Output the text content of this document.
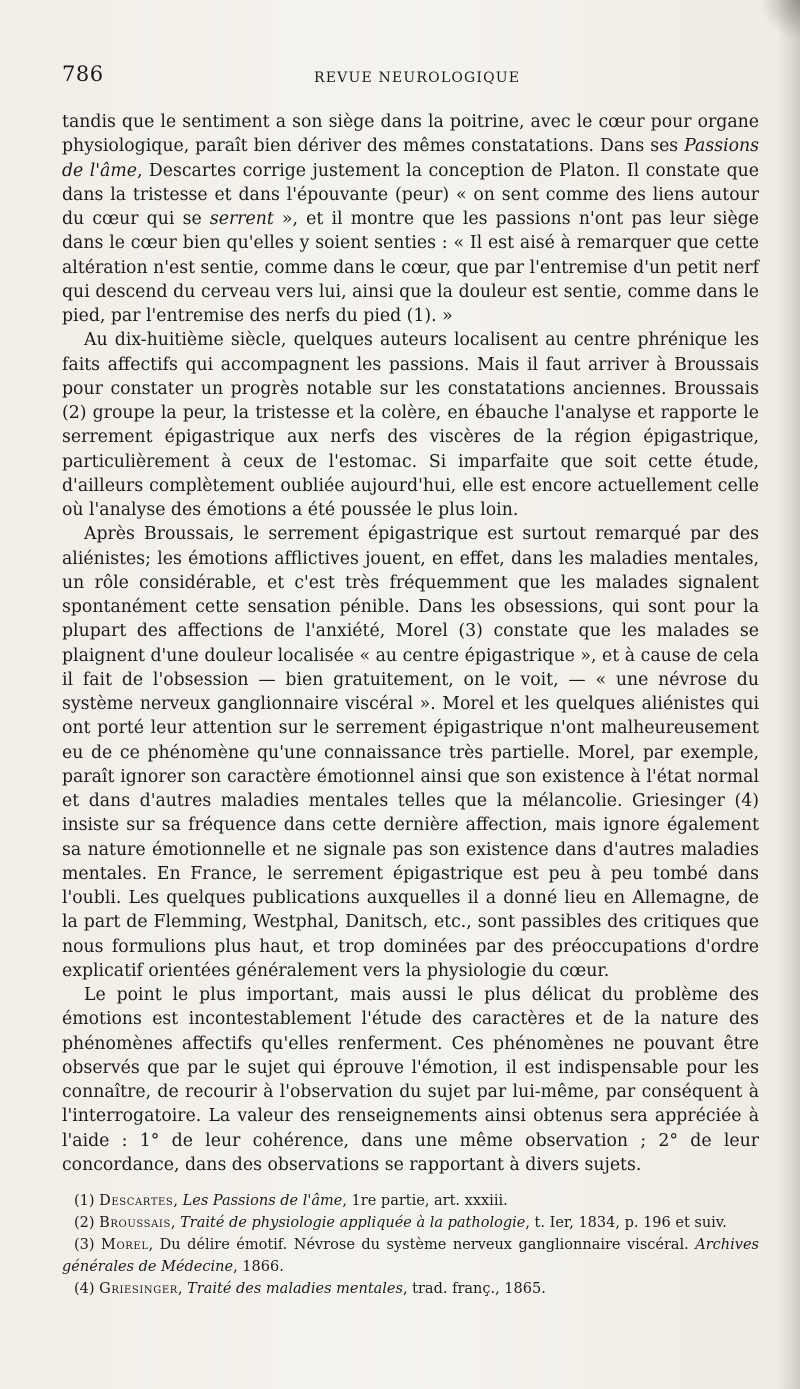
786	REVUE NEUROLOGIQUE

tandis que le sentiment a son siège dans la poitrine, avec le cœur pour organe physiologique, paraît bien dériver des mêmes constatations. Dans ses Passions de l'âme, Descartes corrige justement la conception de Platon. Il constate que dans la tristesse et dans l'épouvante (peur) « on sent comme des liens autour du cœur qui se serrent », et il montre que les passions n'ont pas leur siège dans le cœur bien qu'elles y soient senties : « Il est aisé à remarquer que cette altération n'est sentie, comme dans le cœur, que par l'entremise d'un petit nerf qui descend du cerveau vers lui, ainsi que la douleur est sentie, comme dans le pied, par l'entremise des nerfs du pied (1). »

Au dix-huitième siècle, quelques auteurs localisent au centre phrénique les faits affectifs qui accompagnent les passions. Mais il faut arriver à Broussais pour constater un progrès notable sur les constatations anciennes. Broussais (2) groupe la peur, la tristesse et la colère, en ébauche l'analyse et rapporte le serrement épigastrique aux nerfs des viscères de la région épigastrique, particulièrement à ceux de l'estomac. Si imparfaite que soit cette étude, d'ailleurs complètement oubliée aujourd'hui, elle est encore actuellement celle où l'analyse des émotions a été poussée le plus loin.

Après Broussais, le serrement épigastrique est surtout remarqué par des aliénistes; les émotions afflictives jouent, en effet, dans les maladies mentales, un rôle considérable, et c'est très fréquemment que les malades signalent spontanément cette sensation pénible. Dans les obsessions, qui sont pour la plupart des affections de l'anxiété, Morel (3) constate que les malades se plaignent d'une douleur localisée « au centre épigastrique », et à cause de cela il fait de l'obsession — bien gratuitement, on le voit, — « une névrose du système nerveux ganglionnaire viscéral ». Morel et les quelques aliénistes qui ont porté leur attention sur le serrement épigastrique n'ont malheureusement eu de ce phénomène qu'une connaissance très partielle. Morel, par exemple, paraît ignorer son caractère émotionnel ainsi que son existence à l'état normal et dans d'autres maladies mentales telles que la mélancolie. Griesinger (4) insiste sur sa fréquence dans cette dernière affection, mais ignore également sa nature émotionnelle et ne signale pas son existence dans d'autres maladies mentales. En France, le serrement épigastrique est peu à peu tombé dans l'oubli. Les quelques publications auxquelles il a donné lieu en Allemagne, de la part de Flemming, Westphal, Danitsch, etc., sont passibles des critiques que nous formulions plus haut, et trop dominées par des préoccupations d'ordre explicatif orientées généralement vers la physiologie du cœur.

Le point le plus important, mais aussi le plus délicat du problème des émotions est incontestablement l'étude des caractères et de la nature des phénomènes affectifs qu'elles renferment. Ces phénomènes ne pouvant être observés que par le sujet qui éprouve l'émotion, il est indispensable pour les connaître, de recourir à l'observation du sujet par lui-même, par conséquent à l'interrogatoire. La valeur des renseignements ainsi obtenus sera appréciée à l'aide : 1° de leur cohérence, dans une même observation ; 2° de leur concordance, dans des observations se rapportant à divers sujets.

(1) Descartes, Les Passions de l'âme, 1re partie, art. xxxiii.

(2) Broussais, Traité de physiologie appliquée à la pathologie, t. Ier, 1834, p. 196 et suiv.

(3) Morel, Du délire émotif. Névrose du système nerveux ganglionnaire viscéral. Archives générales de Médecine, 1866.

(4) Griesinger, Traité des maladies mentales, trad. franç., 1865.
